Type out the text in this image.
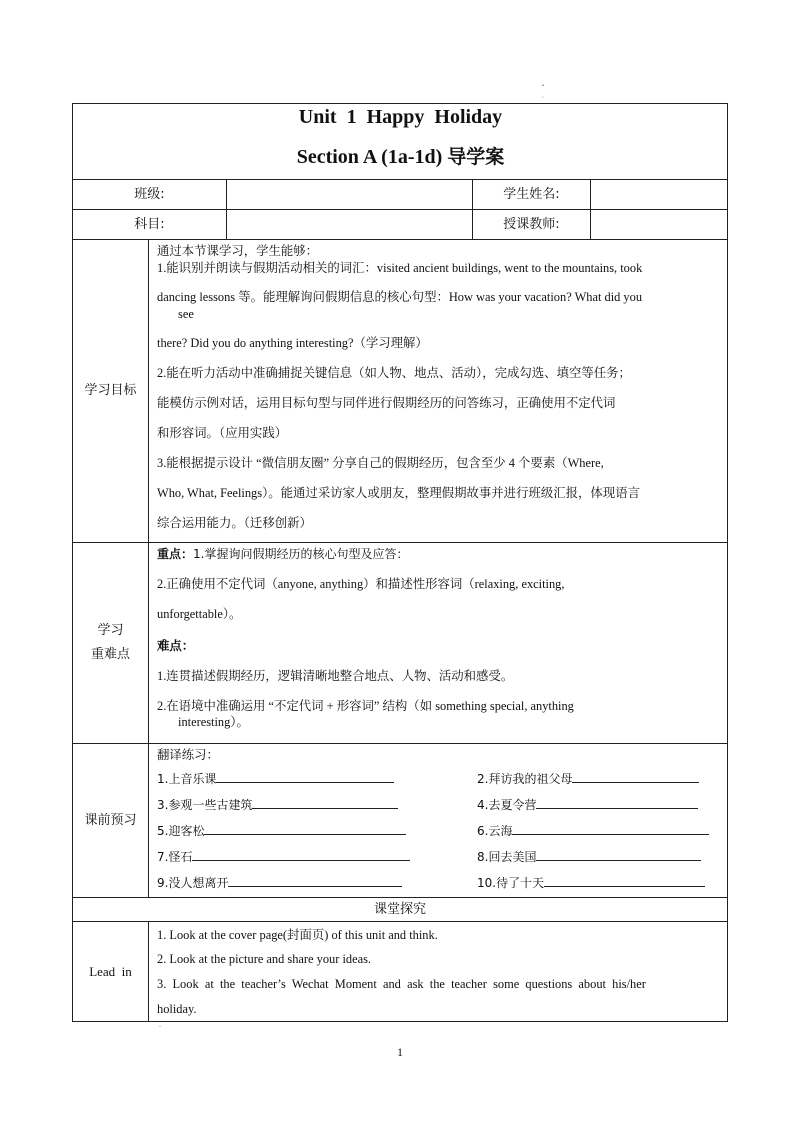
ˇ
˙
Unit 1 Happy Holiday
Section A (1a-1d) 导学案
班级:	学生姓名:
科目:	授课教师:
学习目标
通过本节课学习，学生能够：
1.能识别并朗读与假期活动相关的词汇：visited ancient buildings, went to the mountains, took
dancing lessons 等。能理解询问假期信息的核心句型：How was your vacation? What did you
see
there? Did you do anything interesting?（学习理解）
2.能在听力活动中准确捕捉关键信息（如人物、地点、活动），完成勾选、填空等任务；
能模仿示例对话，运用目标句型与同伴进行假期经历的问答练习，正确使用不定代词
和形容词。（应用实践）
3.能根据提示设计 “微信朋友圈” 分享自己的假期经历，包含至少 4 个要素（Where,
Who, What, Feelings）。能通过采访家人或朋友，整理假期故事并进行班级汇报，体现语言
综合运用能力。（迁移创新）
学习
重难点
重点：1.掌握询问假期经历的核心句型及应答：
2.正确使用不定代词（anyone, anything）和描述性形容词（relaxing, exciting,
unforgettable）。
难点：
1.连贯描述假期经历，逻辑清晰地整合地点、人物、活动和感受。
2.在语境中准确运用 “不定代词 + 形容词” 结构（如 something special, anything
interesting）。
课前预习
翻译练习：
1.上音乐课	2.拜访我的祖父母
3.参观一些古建筑	4.去夏令营
5.迎客松	6.云海
7.怪石	8.回去美国
9.没人想离开	10.待了十天
课堂探究
Lead  in
1. Look at the cover page(封面页) of this unit and think.
2. Look at the picture and share your ideas.
3.  Look  at  the  teacher’s  Wechat  Moment  and  ask  the  teacher  some  questions  about  his/her
holiday.
˙
1
